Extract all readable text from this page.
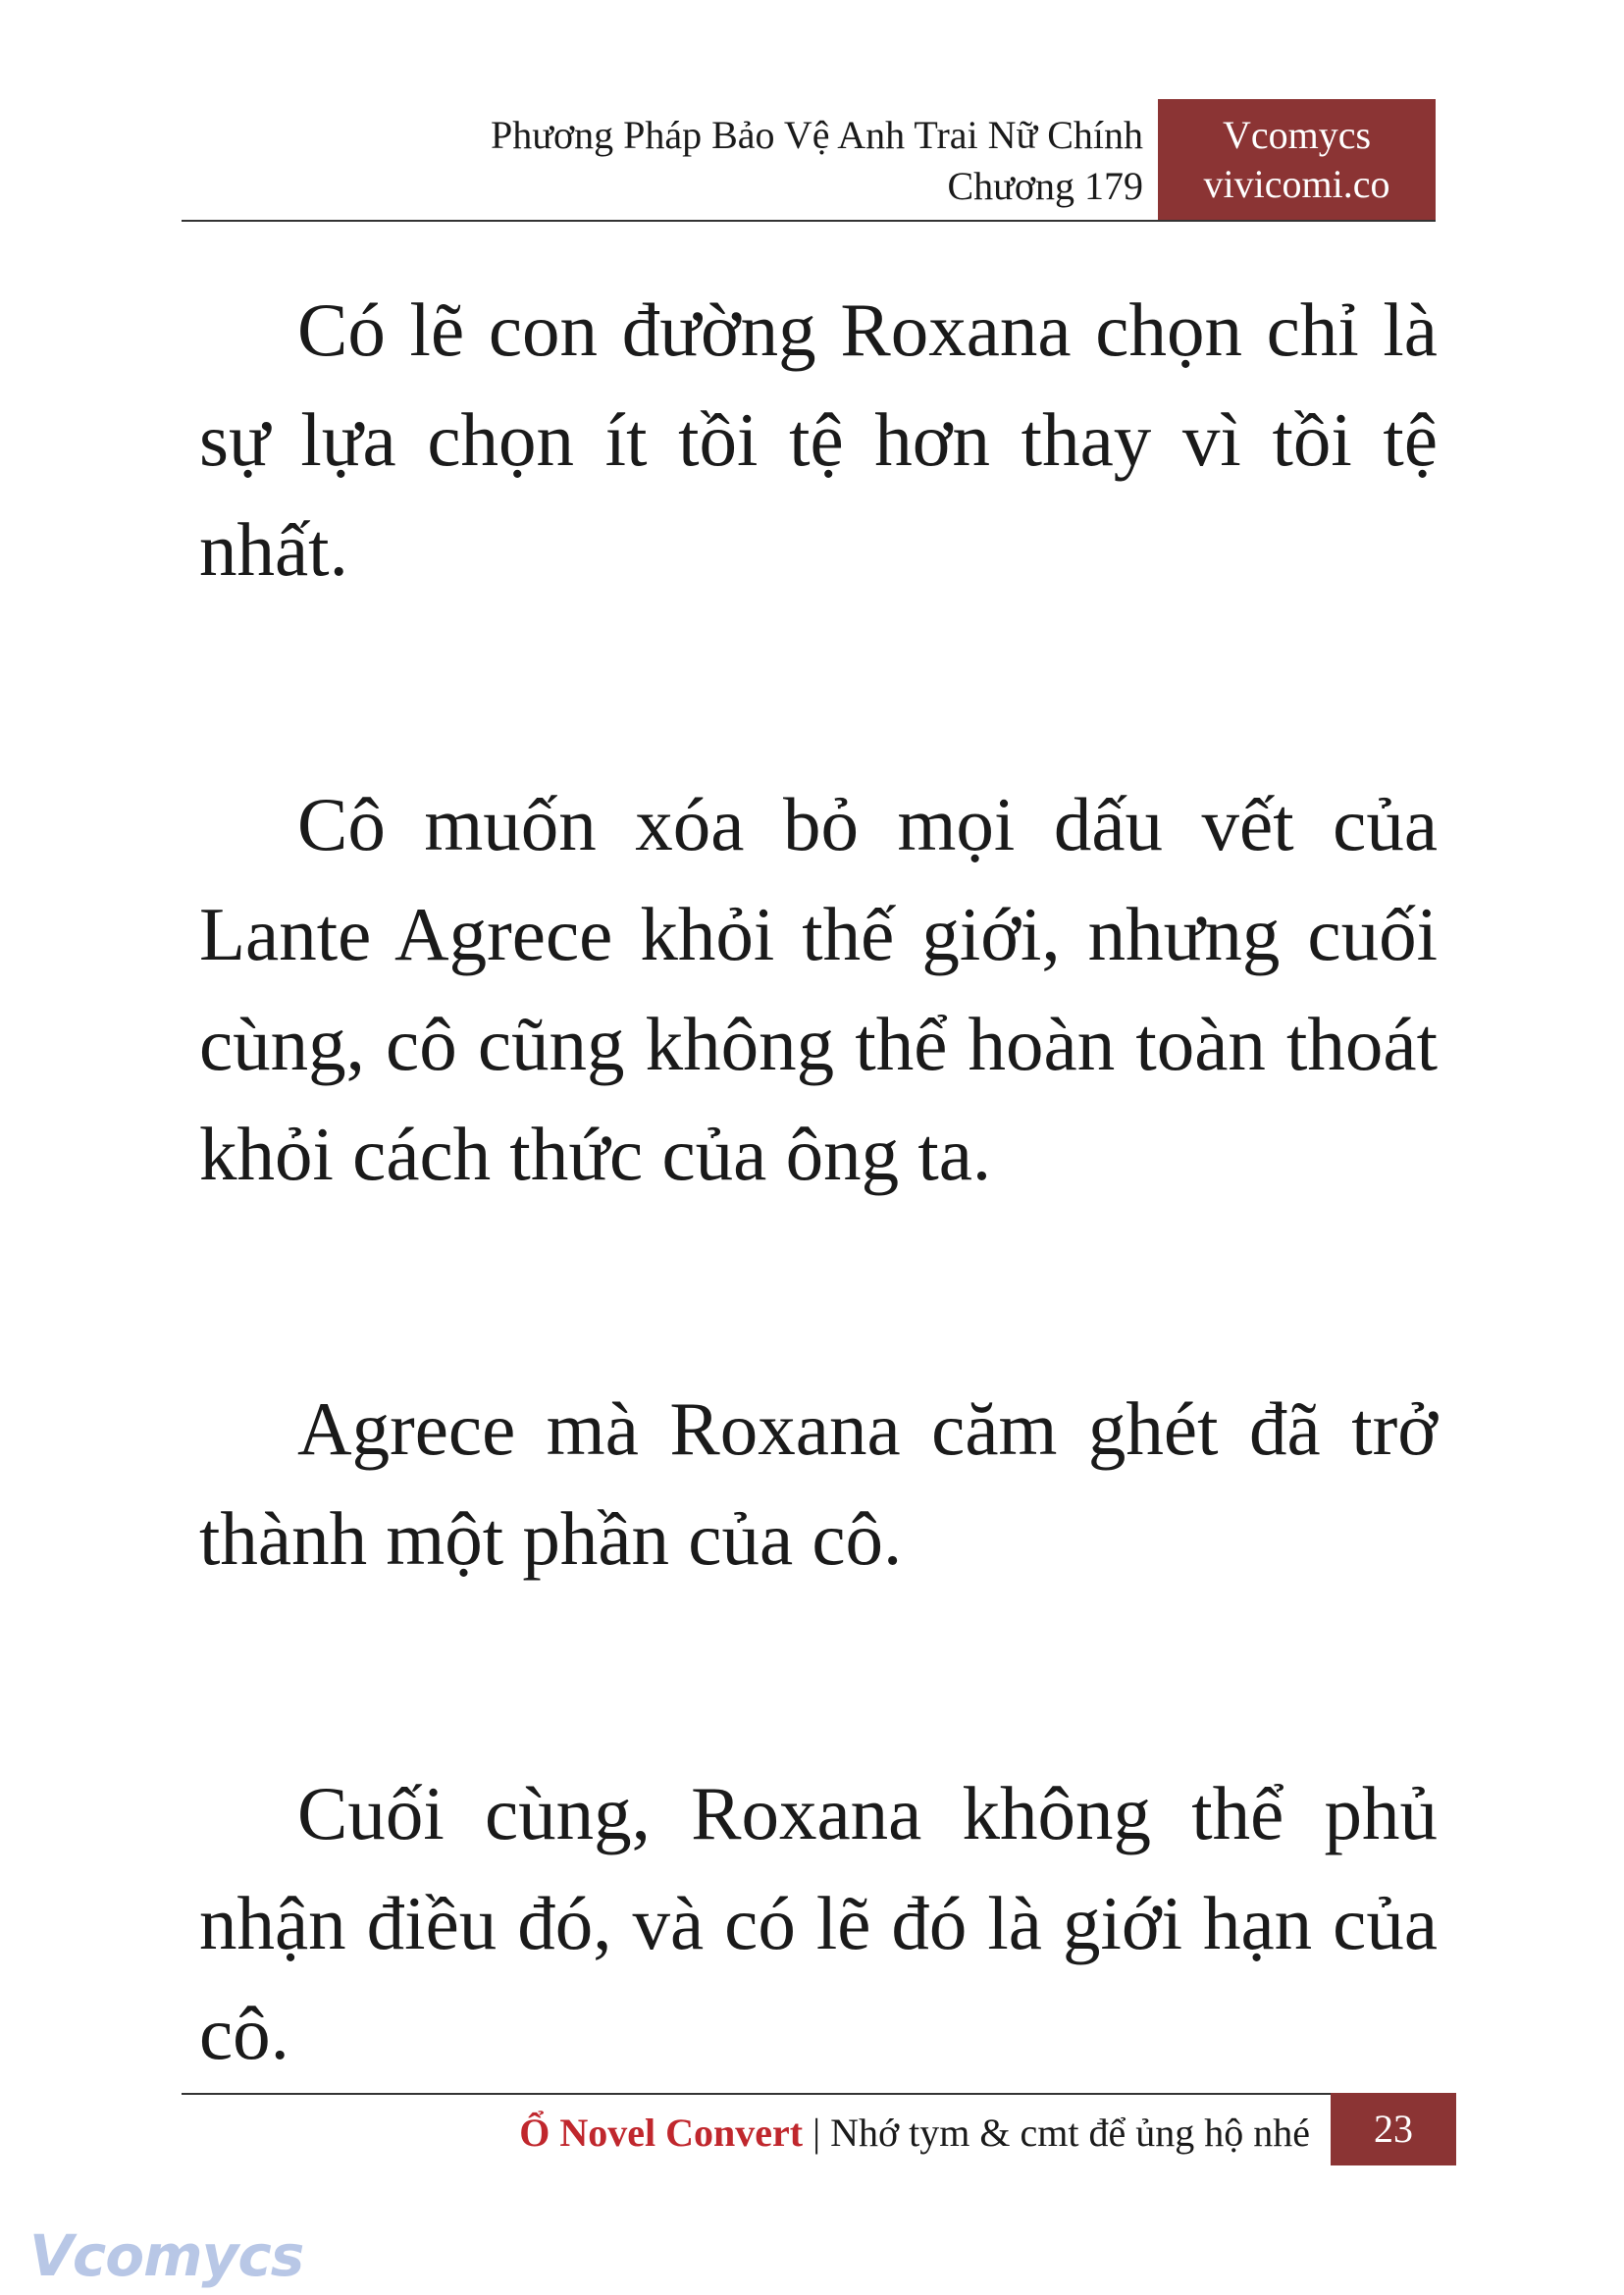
Phương Pháp Bảo Vệ Anh Trai Nữ Chính
Chương 179
Vcomycs
vivicomi.co

Có lẽ con đường Roxana chọn chỉ là sự lựa chọn ít tồi tệ hơn thay vì tồi tệ nhất.

Cô muốn xóa bỏ mọi dấu vết của Lante Agrece khỏi thế giới, nhưng cuối cùng, cô cũng không thể hoàn toàn thoát khỏi cách thức của ông ta.

Agrece mà Roxana căm ghét đã trở thành một phần của cô.

Cuối cùng, Roxana không thể phủ nhận điều đó, và có lẽ đó là giới hạn của cô.

Ổ Novel Convert | Nhớ tym & cmt để ủng hộ nhé	23
Vcomycs
